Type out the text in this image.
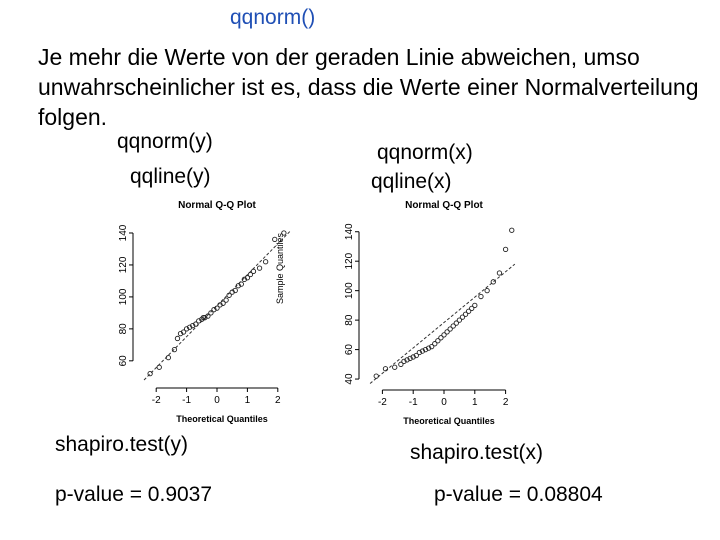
qqnorm()
Je mehr die Werte von der geraden Linie abweichen, umso unwahrscheinlicher ist es, dass die Werte einer Normalverteilung folgen.
qqnorm(y)
qqline(y)
qqnorm(x)
qqline(x)
Normal Q-Q Plot
60
80
100
120
140
-2 -1 0 1 2
Theoretical Quantiles
Sample Quantiles
Normal Q-Q Plot
40
60
80
100
120
140
-2 -1 0	1	2
Theoretical Quantiles
shapiro.test(y)	shapiro.test(x)
p-value = 0.9037	p-value = 0.08804
